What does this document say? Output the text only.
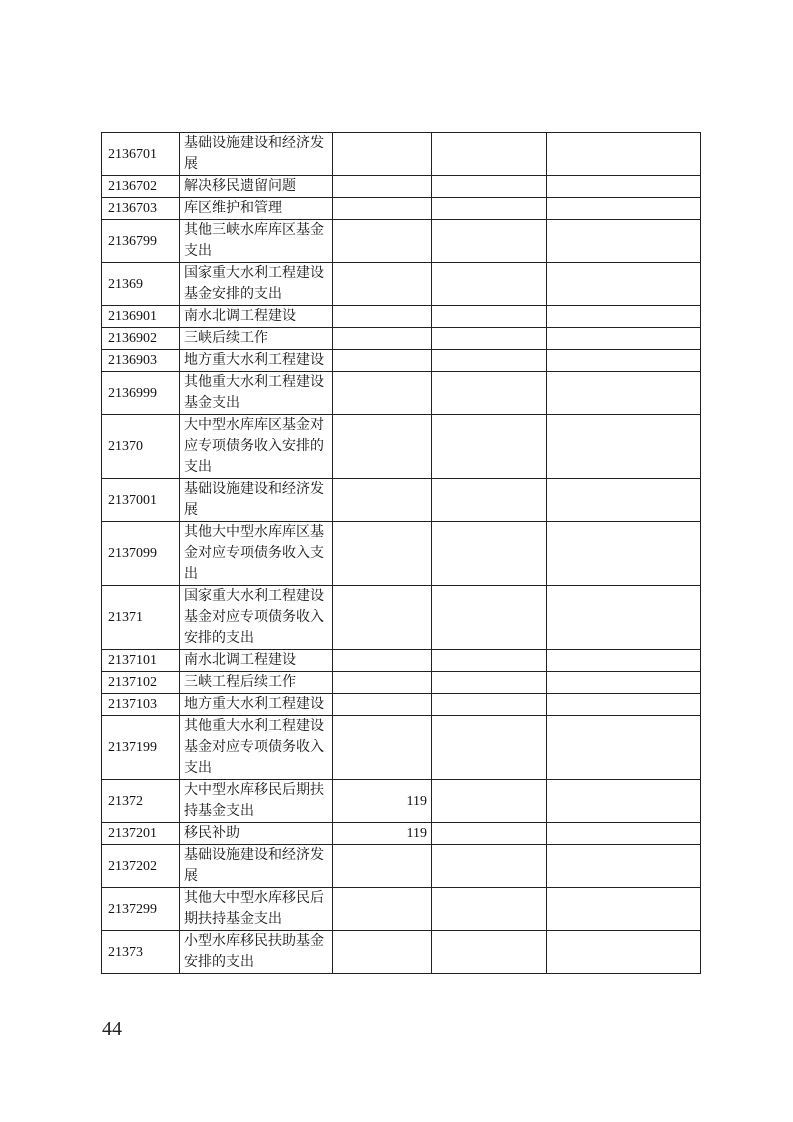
2136701	基础设施建设和经济发展			
2136702	解决移民遗留问题			
2136703	库区维护和管理			
2136799	其他三峡水库库区基金支出			
21369	国家重大水利工程建设基金安排的支出			
2136901	南水北调工程建设			
2136902	三峡后续工作			
2136903	地方重大水利工程建设			
2136999	其他重大水利工程建设基金支出			
21370	大中型水库库区基金对应专项债务收入安排的支出			
2137001	基础设施建设和经济发展			
2137099	其他大中型水库库区基金对应专项债务收入支出			
21371	国家重大水利工程建设基金对应专项债务收入安排的支出			
2137101	南水北调工程建设			
2137102	三峡工程后续工作			
2137103	地方重大水利工程建设			
2137199	其他重大水利工程建设基金对应专项债务收入支出			
21372	大中型水库移民后期扶持基金支出	119		
2137201	移民补助	119		
2137202	基础设施建设和经济发展			
2137299	其他大中型水库移民后期扶持基金支出			
21373	小型水库移民扶助基金安排的支出			
44
